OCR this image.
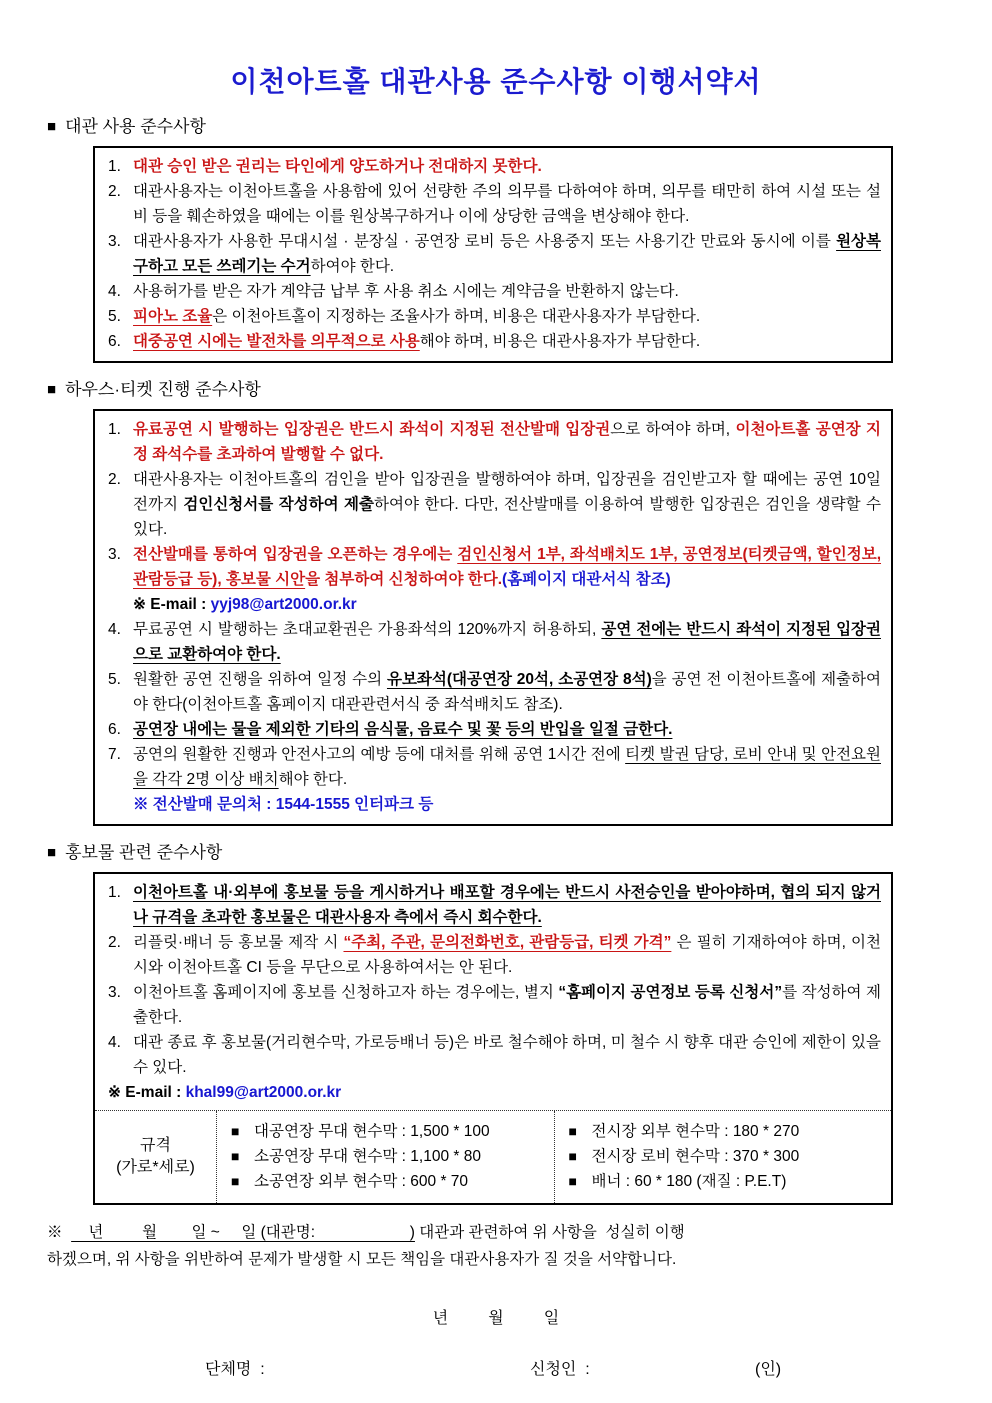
이천아트홀 대관사용 준수사항 이행서약서
■ 대관 사용 준수사항
1. 대관 승인 받은 권리는 타인에게 양도하거나 전대하지 못한다.
2. 대관사용자는 이천아트홀을 사용함에 있어 선량한 주의 의무를 다하여야 하며, 의무를 태만히 하여 시설 또는 설비 등을 훼손하였을 때에는 이를 원상복구하거나 이에 상당한 금액을 변상해야 한다.
3. 대관사용자가 사용한 무대시설 · 분장실 · 공연장 로비 등은 사용중지 또는 사용기간 만료와 동시에 이를 원상복구하고 모든 쓰레기는 수거하여야 한다.
4. 사용허가를 받은 자가 계약금 납부 후 사용 취소 시에는 계약금을 반환하지 않는다.
5. 피아노 조율은 이천아트홀이 지정하는 조율사가 하며, 비용은 대관사용자가 부담한다.
6. 대중공연 시에는 발전차를 의무적으로 사용해야 하며, 비용은 대관사용자가 부담한다.
■ 하우스·티켓 진행 준수사항
1. 유료공연 시 발행하는 입장권은 반드시 좌석이 지정된 전산발매 입장권으로 하여야 하며, 이천아트홀 공연장 지정 좌석수를 초과하여 발행할 수 없다.
2. 대관사용자는 이천아트홀의 검인을 받아 입장권을 발행하여야 하며, 입장권을 검인받고자 할 때에는 공연 10일 전까지 검인신청서를 작성하여 제출하여야 한다. 다만, 전산발매를 이용하여 발행한 입장권은 검인을 생략할 수 있다.
3. 전산발매를 통하여 입장권을 오픈하는 경우에는 검인신청서 1부, 좌석배치도 1부, 공연정보(티켓금액, 할인정보, 관람등급 등), 홍보물 시안을 첨부하여 신청하여야 한다.(홈페이지 대관서식 참조)
※ E-mail : yyj98@art2000.or.kr
4. 무료공연 시 발행하는 초대교환권은 가용좌석의 120%까지 허용하되, 공연 전에는 반드시 좌석이 지정된 입장권으로 교환하여야 한다.
5. 원활한 공연 진행을 위하여 일정 수의 유보좌석(대공연장 20석, 소공연장 8석)을 공연 전 이천아트홀에 제출하여야 한다(이천아트홀 홈페이지 대관관련서식 중 좌석배치도 참조).
6. 공연장 내에는 물을 제외한 기타의 음식물, 음료수 및 꽃 등의 반입을 일절 금한다.
7. 공연의 원활한 진행과 안전사고의 예방 등에 대처를 위해 공연 1시간 전에 티켓 발권 담당, 로비 안내 및 안전요원을 각각 2명 이상 배치해야 한다.
※ 전산발매 문의처 : 1544-1555 인터파크 등
■ 홍보물 관련 준수사항
1. 이천아트홀 내·외부에 홍보물 등을 게시하거나 배포할 경우에는 반드시 사전승인을 받아야하며, 협의 되지 않거나 규격을 초과한 홍보물은 대관사용자 측에서 즉시 회수한다.
2. 리플릿·배너 등 홍보물 제작 시 “주최, 주관, 문의전화번호, 관람등급, 티켓 가격” 은 필히 기재하여야 하며, 이천시와 이천아트홀 CI 등을 무단으로 사용하여서는 안 된다.
3. 이천아트홀 홈페이지에 홍보를 신청하고자 하는 경우에는, 별지 “홈페이지 공연정보 등록 신청서”를 작성하여 제출한다.
4. 대관 종료 후 홍보물(거리현수막, 가로등배너 등)은 바로 철수해야 하며, 미 철수 시 향후 대관 승인에 제한이 있을 수 있다.
※ E-mail : khal99@art2000.or.kr
규격
(가로*세로)
■ 대공연장 무대 현수막 : 1,500 * 100
■ 소공연장 무대 현수막 : 1,100 * 80
■ 소공연장 외부 현수막 : 600 * 70
■ 전시장 외부 현수막 : 180 * 270
■ 전시장 로비 현수막 : 370 * 300
■ 배너 : 60 * 180 (재질 : P.E.T)
※      년         월        일 ~     일 (대관명:                      ) 대관과 관련하여 위 사항을  성실히 이행
하겠으며, 위 사항을 위반하여 문제가 발생할 시 모든 책임을 대관사용자가 질 것을 서약합니다.
년         월         일
단체명  :	신청인  :	(인)
